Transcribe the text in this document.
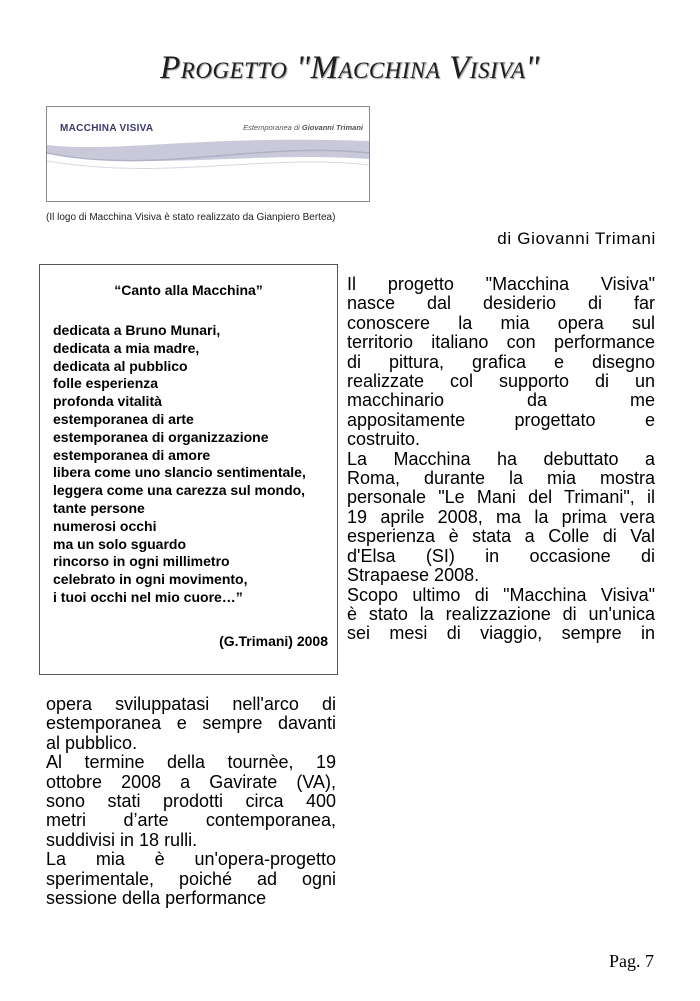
Progetto "Macchina Visiva"
MACCHINA VISIVA	Estemporanea di Giovanni Trimani
(Il logo di Macchina Visiva è stato realizzato da Gianpiero Bertea)
di Giovanni Trimani
“Canto alla Macchina”
dedicata a Bruno Munari,
dedicata a mia madre,
dedicata al pubblico
folle esperienza
profonda vitalità
estemporanea di arte
estemporanea di organizzazione
estemporanea di amore
libera come uno slancio sentimentale,
leggera come una carezza sul mondo,
tante persone
numerosi occhi
ma un solo sguardo
rincorso in ogni millimetro
celebrato in ogni movimento,
i tuoi occhi nel mio cuore…”
(G.Trimani) 2008

Il progetto "Macchina Visiva"

nasce dal desiderio di far

conoscere la mia opera sul

territorio italiano con performance

di pittura, grafica e disegno

realizzate col supporto di un

macchinario da me

appositamente progettato e

costruito.

La Macchina ha debuttato a

Roma, durante la mia mostra

personale "Le Mani del Trimani", il

19 aprile 2008, ma la prima vera

esperienza è stata a Colle di Val

d'Elsa (SI) in occasione di

Strapaese 2008.

Scopo ultimo di "Macchina Visiva"

è stato la realizzazione di un'unica

sei mesi di viaggio, sempre in

opera sviluppatasi nell'arco di

estemporanea e sempre davanti

al pubblico.

Al termine della tournèe, 19

ottobre 2008 a Gavirate (VA),

sono stati prodotti circa 400

metri d’arte contemporanea,

suddivisi in 18 rulli.

La mia è un'opera-progetto

sperimentale, poiché ad ogni

sessione della performance

Pag. 7
